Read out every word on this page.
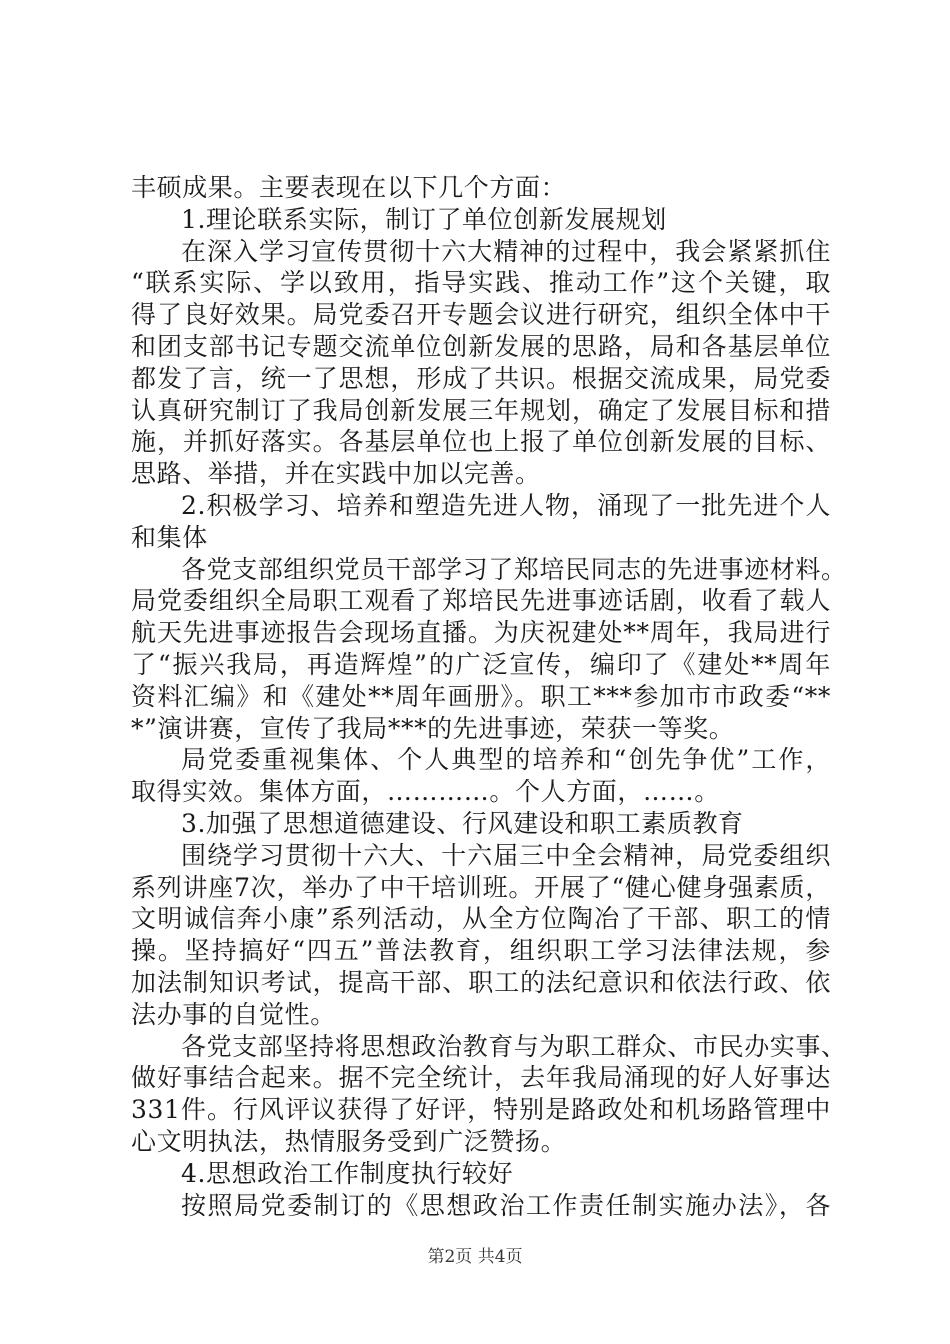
丰硕成果。主要表现在以下几个方面：
1.理论联系实际，制订了单位创新发展规划
在深入学习宣传贯彻十六大精神的过程中，我会紧紧抓住
“联系实际、学以致用，指导实践、推动工作”这个关键，取
得了良好效果。局党委召开专题会议进行研究，组织全体中干
和团支部书记专题交流单位创新发展的思路，局和各基层单位
都发了言，统一了思想，形成了共识。根据交流成果，局党委
认真研究制订了我局创新发展三年规划，确定了发展目标和措
施，并抓好落实。各基层单位也上报了单位创新发展的目标、
思路、举措，并在实践中加以完善。
2.积极学习、培养和塑造先进人物，涌现了一批先进个人
和集体
各党支部组织党员干部学习了郑培民同志的先进事迹材料。
局党委组织全局职工观看了郑培民先进事迹话剧，收看了载人
航天先进事迹报告会现场直播。为庆祝建处**周年，我局进行
了“振兴我局，再造辉煌”的广泛宣传，编印了《建处**周年
资料汇编》和《建处**周年画册》。职工***参加市市政委“**
*”演讲赛，宣传了我局***的先进事迹，荣获一等奖。
局党委重视集体、个人典型的培养和“创先争优”工作，
取得实效。集体方面，…………。个人方面，……。
3.加强了思想道德建设、行风建设和职工素质教育
围绕学习贯彻十六大、十六届三中全会精神，局党委组织
系列讲座7次，举办了中干培训班。开展了“健心健身强素质，
文明诚信奔小康”系列活动，从全方位陶冶了干部、职工的情
操。坚持搞好“四五”普法教育，组织职工学习法律法规，参
加法制知识考试，提高干部、职工的法纪意识和依法行政、依
法办事的自觉性。
各党支部坚持将思想政治教育与为职工群众、市民办实事、
做好事结合起来。据不完全统计，去年我局涌现的好人好事达
331件。行风评议获得了好评，特别是路政处和机场路管理中
心文明执法，热情服务受到广泛赞扬。
4.思想政治工作制度执行较好
按照局党委制订的《思想政治工作责任制实施办法》，各
第2页 共4页
